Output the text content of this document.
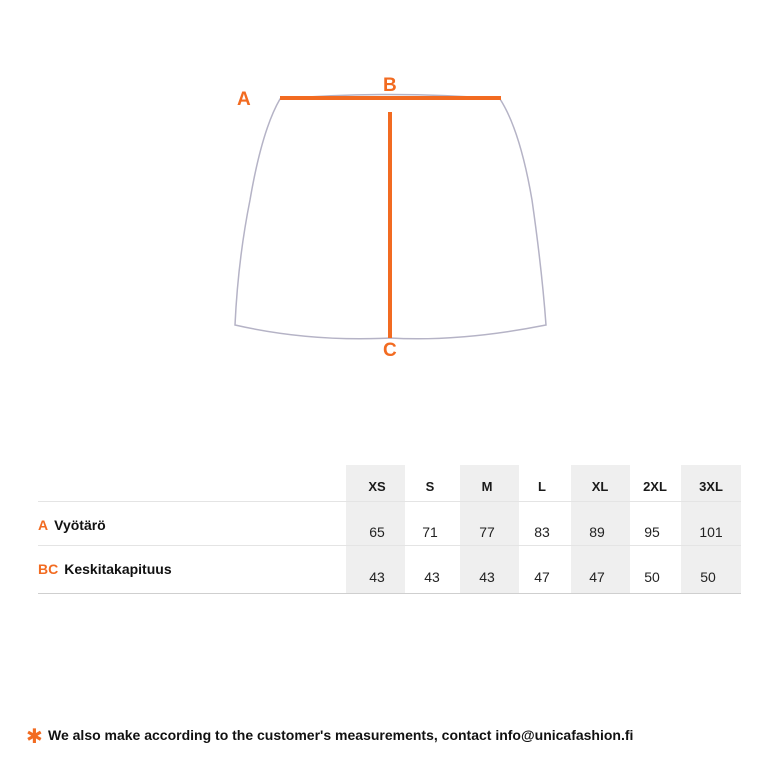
A
B
C
XS	S	M	L	XL	2XL	3XL
A Vyötärö	65	71	77	83	89	95	101
BC Keskitakapituus	43	43	43	47	47	50	50
✱ We also make according to the customer's measurements, contact info@unicafashion.fi
